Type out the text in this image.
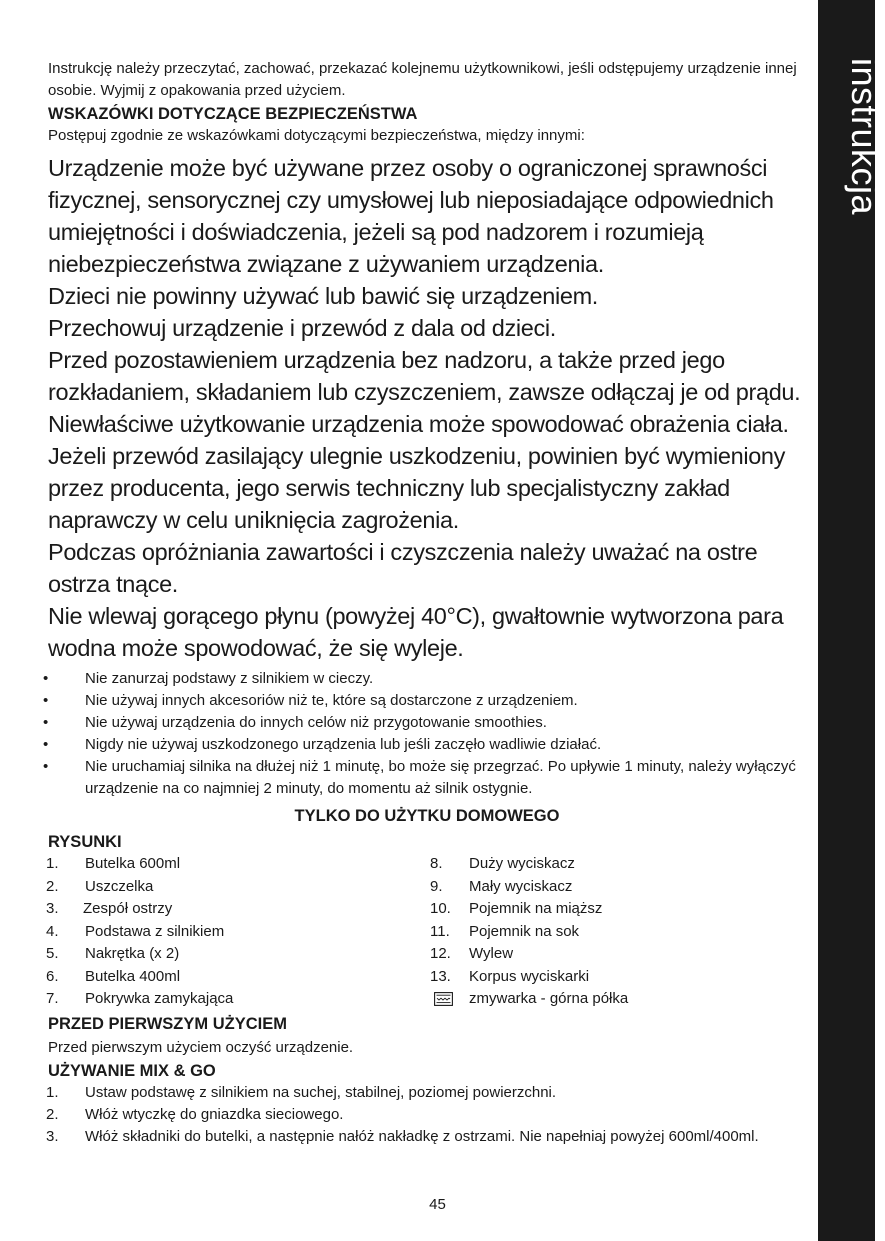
instrukcja
Instrukcję należy przeczytać, zachować, przekazać kolejnemu użytkownikowi, jeśli odstępujemy urządzenie innej osobie. Wyjmij z opakowania przed użyciem.
WSKAZÓWKI DOTYCZĄCE BEZPIECZEŃSTWA
Postępuj zgodnie ze wskazówkami dotyczącymi bezpieczeństwa, między innymi:

Urządzenie może być używane przez osoby o ograniczonej sprawności fizycznej, sensorycznej czy umysłowej lub nieposiadające odpowiednich umiejętności i doświadczenia, jeżeli są pod nadzorem i rozumieją niebezpieczeństwa związane z używaniem urządzenia.

Dzieci nie powinny używać lub bawić się urządzeniem.

Przechowuj urządzenie i przewód z dala od dzieci.

Przed pozostawieniem urządzenia bez nadzoru, a także przed jego rozkładaniem, składaniem lub czyszczeniem, zawsze odłączaj je od prądu.

Niewłaściwe użytkowanie urządzenia może spowodować obrażenia ciała.

Jeżeli przewód zasilający ulegnie uszkodzeniu, powinien być wymieniony przez producenta, jego serwis techniczny lub specjalistyczny zakład naprawczy w celu uniknięcia zagrożenia.

Podczas opróżniania zawartości i czyszczenia należy uważać na ostre ostrza tnące.

Nie wlewaj gorącego płynu (powyżej 40°C), gwałtownie wytworzona para wodna może spowodować, że się wyleje.

• Nie zanurzaj podstawy z silnikiem w cieczy.
• Nie używaj innych akcesoriów niż te, które są dostarczone z urządzeniem.
• Nie używaj urządzenia do innych celów niż przygotowanie smoothies.
• Nigdy nie używaj uszkodzonego urządzenia lub jeśli zaczęło wadliwie działać.
• Nie uruchamiaj silnika na dłużej niż 1 minutę, bo może się przegrzać. Po upływie 1 minuty, należy wyłączyć urządzenie na co najmniej 2 minuty, do momentu aż silnik ostygnie.
TYLKO DO UŻYTKU DOMOWEGO
RYSUNKI
1. Butelka 600ml
2. Uszczelka
3. Zespół ostrzy
4. Podstawa z silnikiem
5. Nakrętka (x 2)
6. Butelka 400ml
7. Pokrywka zamykająca
8. Duży wyciskacz
9. Mały wyciskacz
10. Pojemnik na miąższ
11. Pojemnik na sok
12. Wylew
13. Korpus wyciskarki
zmywarka - górna półka
PRZED PIERWSZYM UŻYCIEM
Przed pierwszym użyciem oczyść urządzenie.
UŻYWANIE MIX & GO
1. Ustaw podstawę z silnikiem na suchej, stabilnej, poziomej powierzchni.
2. Włóż wtyczkę do gniazdka sieciowego.
3. Włóż składniki do butelki, a następnie nałóż nakładkę z ostrzami. Nie napełniaj powyżej 600ml/400ml.
45
